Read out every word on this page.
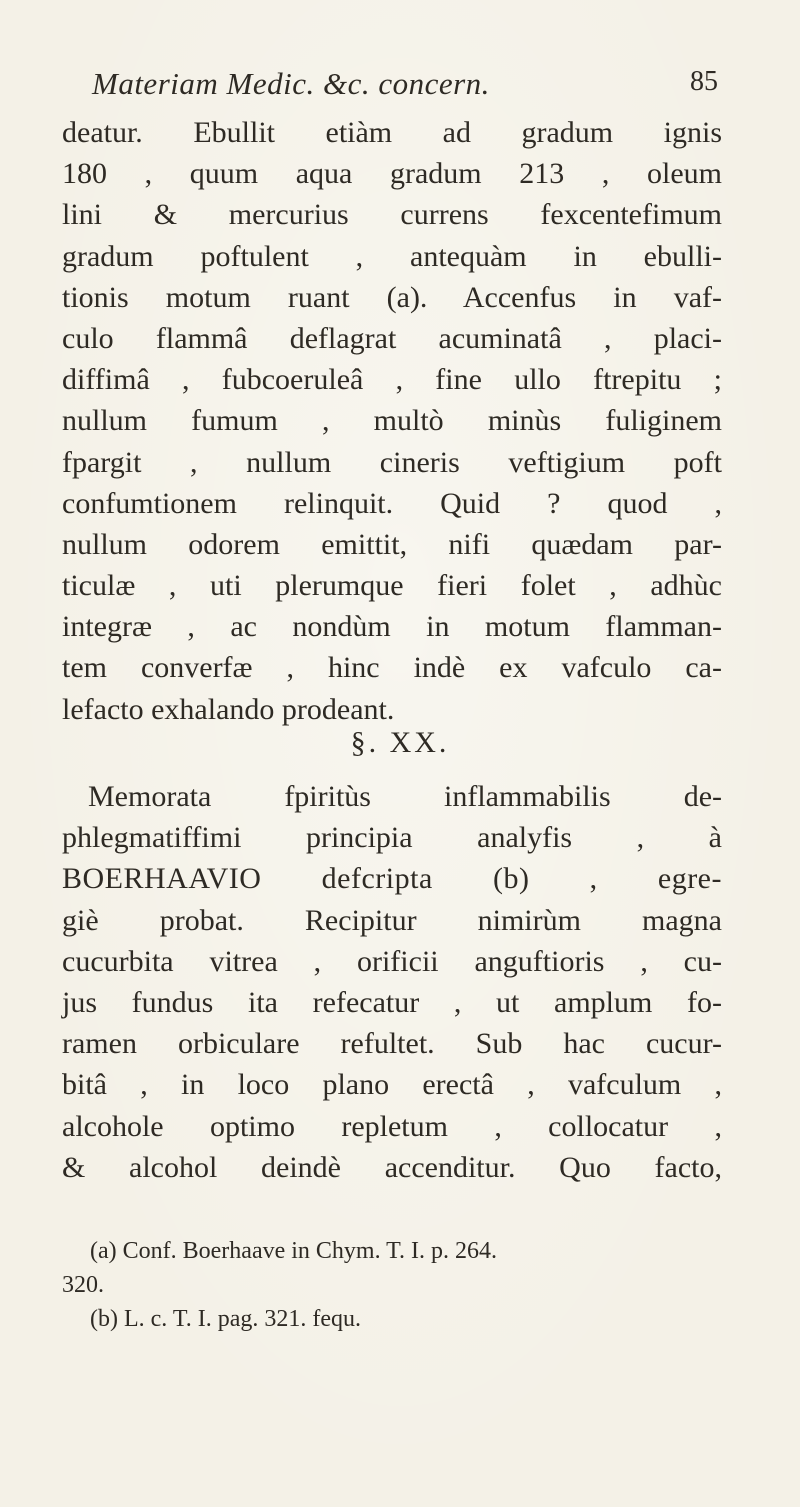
Materiam Medic. &c. concern.	85
deatur. Ebullit etiàm ad gradum ignis
180 , quum aqua gradum 213 , oleum
lini & mercurius currens fexcentefimum
gradum poftulent , antequàm in ebulli-
tionis motum ruant (a). Accenfus in vaf-
culo flammâ deflagrat acuminatâ , placi-
diffimâ , fubcoeruleâ , fine ullo ftrepitu ;
nullum fumum , multò minùs fuliginem
fpargit , nullum cineris veftigium poft
confumtionem relinquit. Quid ? quod ,
nullum odorem emittit, nifi quædam par-
ticulæ , uti plerumque fieri folet , adhùc
integræ , ac nondùm in motum flamman-
tem converfæ , hinc indè ex vafculo ca-
lefacto exhalando prodeant.
§. XX.
Memorata fpiritùs inflammabilis de-
phlegmatiffimi principia analyfis , à
BOERHAAVIO defcripta (b) , egre-
giè probat. Recipitur nimirùm magna
cucurbita vitrea , orificii anguftioris , cu-
jus fundus ita refecatur , ut amplum fo-
ramen orbiculare refultet. Sub hac cucur-
bitâ , in loco plano erectâ , vafculum ,
alcohole optimo repletum , collocatur ,
& alcohol deindè accenditur. Quo facto,
(a) Conf. Boerhaave in Chym. T. I. p. 264.
320.
(b) L. c. T. I. pag. 321. fequ.
